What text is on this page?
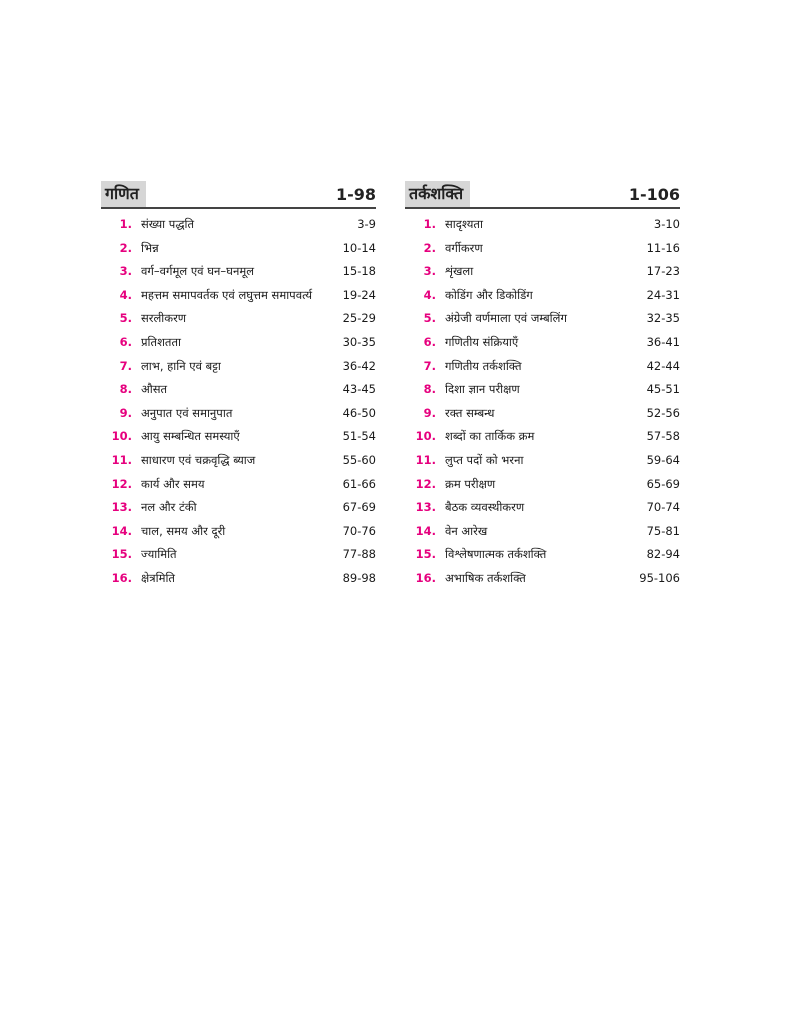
गणित	1-98
1. संख्या पद्धति	3-9
2. भिन्न	10-14
3. वर्ग–वर्गमूल एवं घन–घनमूल	15-18
4. महत्तम समापवर्तक एवं लघुत्तम समापवर्त्य	19-24
5. सरलीकरण	25-29
6. प्रतिशतता	30-35
7. लाभ, हानि एवं बट्टा	36-42
8. औसत	43-45
9. अनुपात एवं समानुपात	46-50
10. आयु सम्बन्धित समस्याएँ	51-54
11. साधारण एवं चक्रवृद्धि ब्याज	55-60
12. कार्य और समय	61-66
13. नल और टंकी	67-69
14. चाल, समय और दूरी	70-76
15. ज्यामिति	77-88
16. क्षेत्रमिति	89-98
तर्कशक्ति	1-106
1. सादृश्यता	3-10
2. वर्गीकरण	11-16
3. शृंखला	17-23
4. कोडिंग और डिकोडिंग	24-31
5. अंग्रेजी वर्णमाला एवं जम्बलिंग	32-35
6. गणितीय संक्रियाएँ	36-41
7. गणितीय तर्कशक्ति	42-44
8. दिशा ज्ञान परीक्षण	45-51
9. रक्त सम्बन्ध	52-56
10. शब्दों का तार्किक क्रम	57-58
11. लुप्त पदों को भरना	59-64
12. क्रम परीक्षण	65-69
13. बैठक व्यवस्थीकरण	70-74
14. वेन आरेख	75-81
15. विश्लेषणात्मक तर्कशक्ति	82-94
16. अभाषिक तर्कशक्ति	95-106
